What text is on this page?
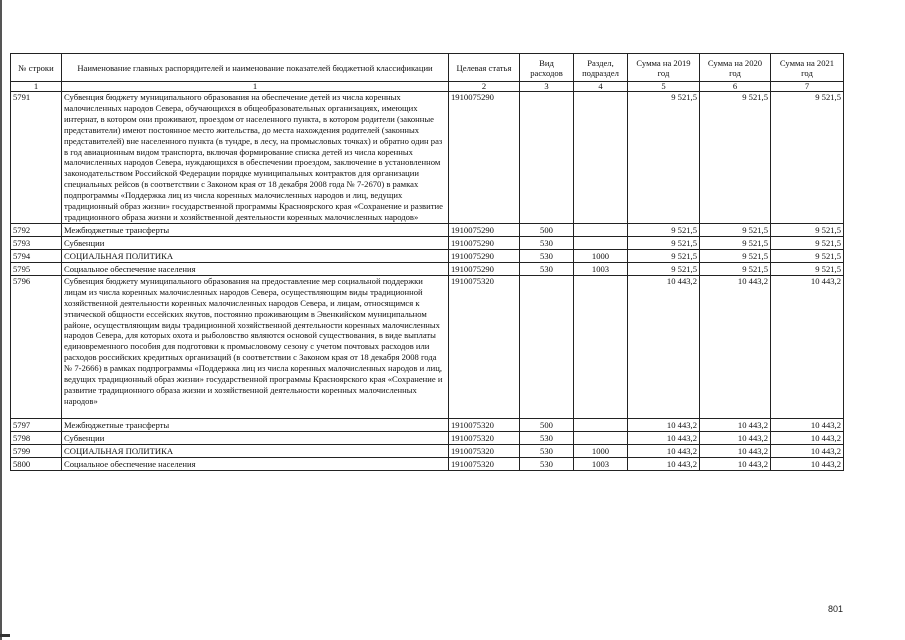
№ строки	Наименование главных распорядителей и наименование показателей бюджетной классификации	Целевая статья	Вид расходов	Раздел, подраздел	Сумма на 2019 год	Сумма на 2020 год	Сумма на 2021 год
1	1	2	3	4	5	6	7
5791	Субвенция бюджету муниципального образования на обеспечение детей из числа коренных малочисленных народов Севера, обучающихся в общеобразовательных организациях, имеющих интернат, в котором они проживают, проездом от населенного пункта, в котором родители (законные представители) имеют постоянное место жительства, до места нахождения родителей (законных представителей) вне населенного пункта (в тундре, в лесу, на промысловых точках) и обратно один раз в год авиационным видом транспорта, включая формирование списка детей из числа коренных малочисленных народов Севера, нуждающихся в обеспечении проездом, заключение в установленном законодательством Российской Федерации порядке муниципальных контрактов для организации специальных рейсов (в соответствии с Законом края от 18 декабря 2008 года № 7-2670) в рамках подпрограммы «Поддержка лиц из числа коренных малочисленных народов и лиц, ведущих традиционный образ жизни» государственной программы Красноярского края «Сохранение и развитие традиционного образа жизни и хозяйственной деятельности коренных малочисленных народов»	1910075290			9 521,5	9 521,5	9 521,5
5792	Межбюджетные трансферты	1910075290	500		9 521,5	9 521,5	9 521,5
5793	Субвенции	1910075290	530		9 521,5	9 521,5	9 521,5
5794	СОЦИАЛЬНАЯ ПОЛИТИКА	1910075290	530	1000	9 521,5	9 521,5	9 521,5
5795	Социальное обеспечение населения	1910075290	530	1003	9 521,5	9 521,5	9 521,5
5796	Субвенция бюджету муниципального образования на предоставление мер социальной поддержки лицам из числа коренных малочисленных народов Севера, осуществляющим виды традиционной хозяйственной деятельности коренных малочисленных народов Севера, и лицам, относящимся к этнической общности ессейских якутов, постоянно проживающим в Эвенкийском муниципальном районе, осуществляющим виды традиционной хозяйственной деятельности коренных малочисленных народов Севера, для которых охота и рыболовство являются основой существования, в виде выплаты единовременного пособия для подготовки к промысловому сезону с учетом почтовых расходов или расходов российских кредитных организаций (в соответствии с Законом края от 18 декабря 2008 года № 7-2666) в рамках подпрограммы «Поддержка лиц из числа коренных малочисленных народов и лиц, ведущих традиционный образ жизни» государственной программы Красноярского края «Сохранение и развитие традиционного образа жизни и хозяйственной деятельности коренных малочисленных народов»	1910075320			10 443,2	10 443,2	10 443,2
5797	Межбюджетные трансферты	1910075320	500		10 443,2	10 443,2	10 443,2
5798	Субвенции	1910075320	530		10 443,2	10 443,2	10 443,2
5799	СОЦИАЛЬНАЯ ПОЛИТИКА	1910075320	530	1000	10 443,2	10 443,2	10 443,2
5800	Социальное обеспечение населения	1910075320	530	1003	10 443,2	10 443,2	10 443,2
801
